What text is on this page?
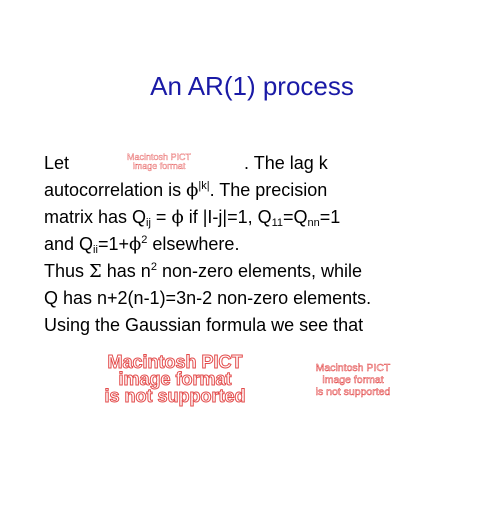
An AR(1) process
Let	Macintosh PICT
image format	. The lag k
autocorrelation is $\phi^{|k|}$. The precision
matrix has $Q_{ij} = \phi$ if |I-j|=1, $Q_{11}=Q_{nn}=1$
and $Q_{ii}=1+\phi^2$ elsewhere.
Thus Σ has $n^2$ non-zero elements, while
Q has n+2(n-1)=3n-2 non-zero elements.
Using the Gaussian formula we see that
Macintosh PICT
image format
is not supported
Macintosh PICT
image format
is not supported
